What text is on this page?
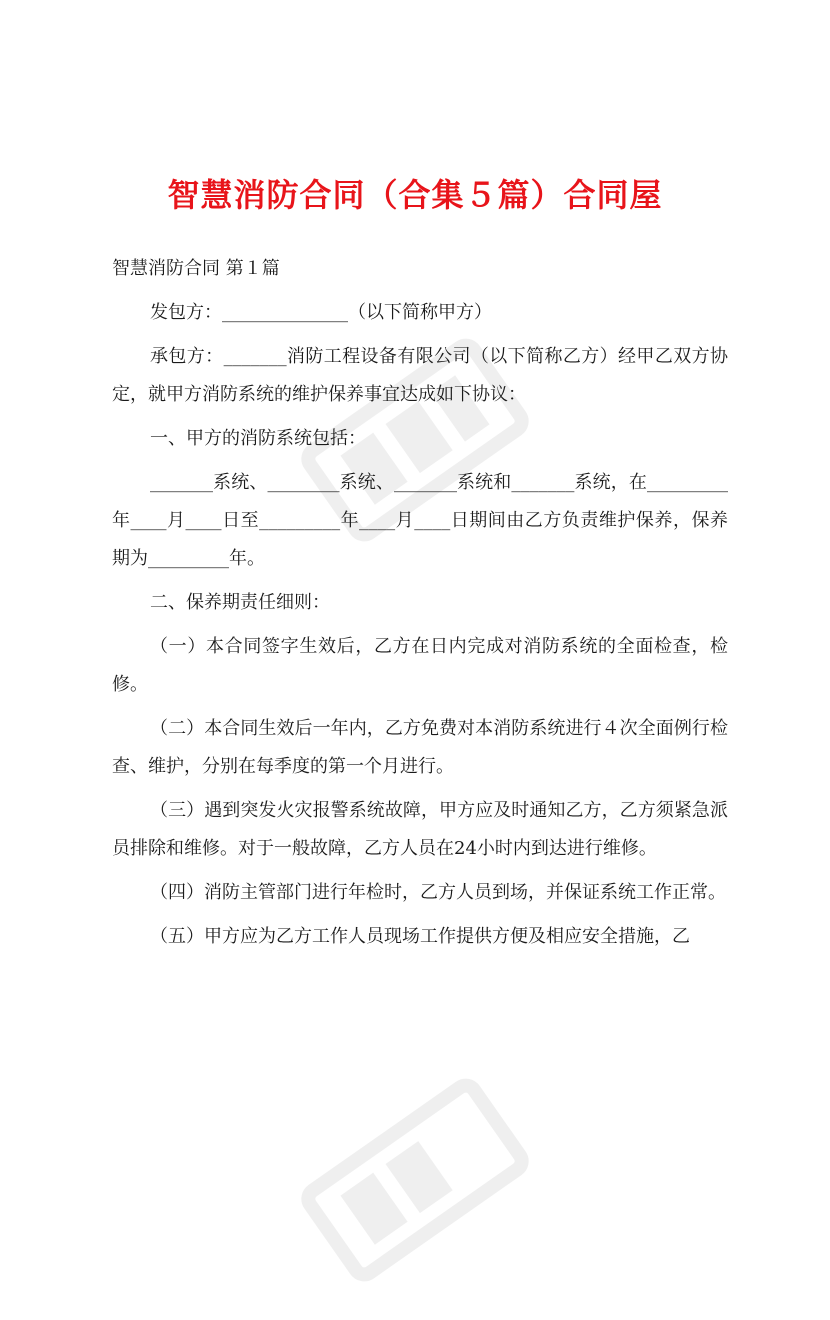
智慧消防合同（合集５篇）合同屋

智慧消防合同 第１篇

发包方：______________（以下简称甲方）

承包方：_______消防工程设备有限公司（以下简称乙方）经甲乙双方协定，就甲方消防系统的维护保养事宜达成如下协议：

一、甲方的消防系统包括：

_______系统、________系统、_______系统和_______系统，在_________年____月____日至_________年____月____日期间由乙方负责维护保养，保养期为_________年。

二、保养期责任细则：

（一）本合同签字生效后，乙方在日内完成对消防系统的全面检查，检修。

（二）本合同生效后一年内，乙方免费对本消防系统进行４次全面例行检查、维护，分别在每季度的第一个月进行。

（三）遇到突发火灾报警系统故障，甲方应及时通知乙方，乙方须紧急派员排除和维修。对于一般故障，乙方人员在24小时内到达进行维修。

（四）消防主管部门进行年检时，乙方人员到场，并保证系统工作正常。

（五）甲方应为乙方工作人员现场工作提供方便及相应安全措施，乙
